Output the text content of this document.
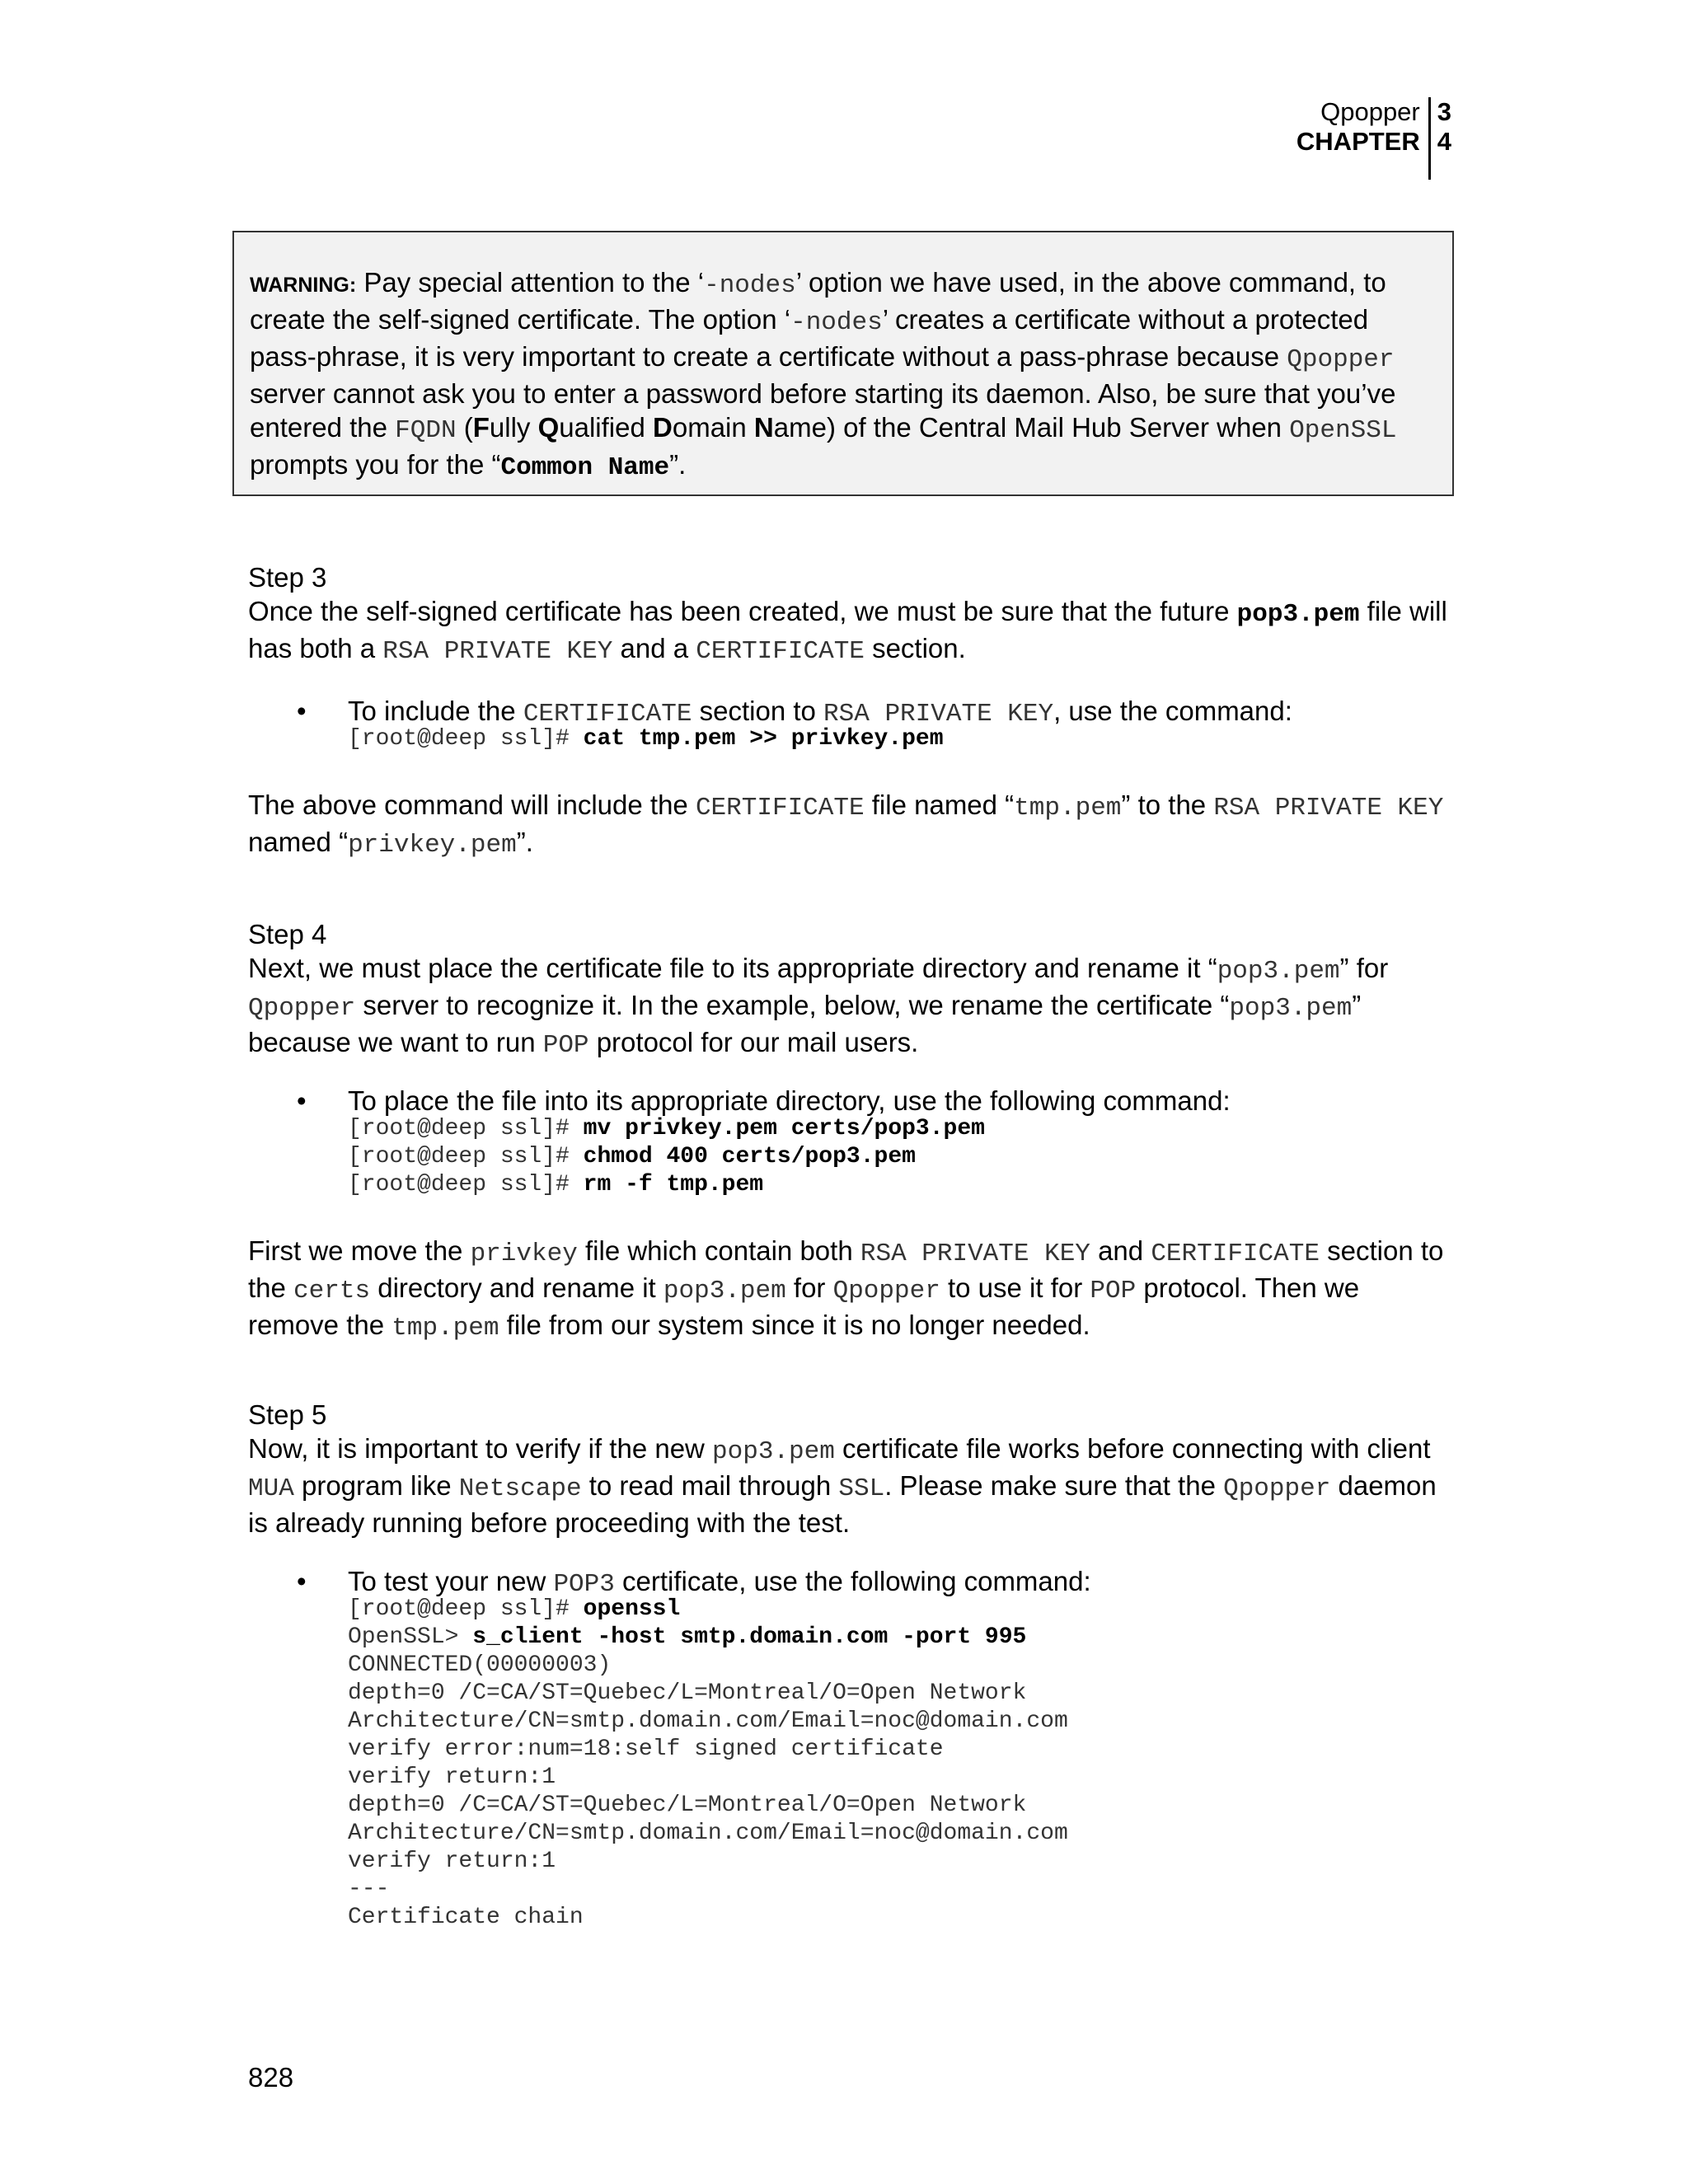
Qpopper
CHAPTER
3
4
WARNING: Pay special attention to the ‘-nodes’ option we have used, in the above command, to create the self-signed certificate. The option ‘-nodes’ creates a certificate without a protected pass-phrase, it is very important to create a certificate without a pass-phrase because Qpopper server cannot ask you to enter a password before starting its daemon. Also, be sure that you’ve entered the FQDN (Fully Qualified Domain Name) of the Central Mail Hub Server when OpenSSL prompts you for the “Common Name”.

Step 3

Once the self-signed certificate has been created, we must be sure that the future pop3.pem file will has both a RSA PRIVATE KEY and a CERTIFICATE section.

• To include the CERTIFICATE section to RSA PRIVATE KEY, use the command:
[root@deep ssl]# cat tmp.pem >> privkey.pem

The above command will include the CERTIFICATE file named “tmp.pem” to the RSA PRIVATE KEY named “privkey.pem”.

Step 4

Next, we must place the certificate file to its appropriate directory and rename it “pop3.pem” for Qpopper server to recognize it. In the example, below, we rename the certificate “pop3.pem” because we want to run POP protocol for our mail users.

• To place the file into its appropriate directory, use the following command:
[root@deep ssl]# mv privkey.pem certs/pop3.pem
[root@deep ssl]# chmod 400 certs/pop3.pem
[root@deep ssl]# rm -f tmp.pem

First we move the privkey file which contain both RSA PRIVATE KEY and CERTIFICATE section to the certs directory and rename it pop3.pem for Qpopper to use it for POP protocol. Then we remove the tmp.pem file from our system since it is no longer needed.

Step 5

Now, it is important to verify if the new pop3.pem certificate file works before connecting with client MUA program like Netscape to read mail through SSL. Please make sure that the Qpopper daemon is already running before proceeding with the test.

• To test your new POP3 certificate, use the following command:
[root@deep ssl]# openssl
OpenSSL> s_client -host smtp.domain.com -port 995
CONNECTED(00000003)
depth=0 /C=CA/ST=Quebec/L=Montreal/O=Open Network
Architecture/CN=smtp.domain.com/Email=noc@domain.com
verify error:num=18:self signed certificate
verify return:1
depth=0 /C=CA/ST=Quebec/L=Montreal/O=Open Network
Architecture/CN=smtp.domain.com/Email=noc@domain.com
verify return:1
---
Certificate chain
828
